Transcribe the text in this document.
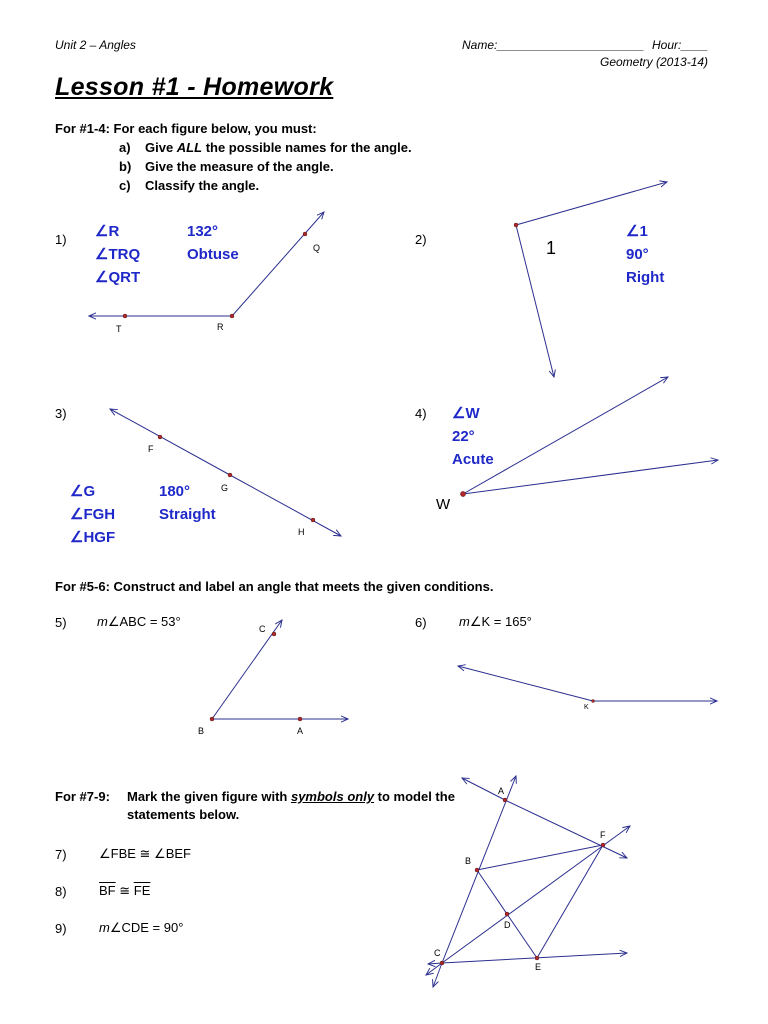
Unit 2 – Angles	Name:______________________ Hour:____
Geometry (2013-14)
Lesson #1 - Homework
For #1-4: For each figure below, you must:
a) Give ALL the possible names for the angle.
b) Give the measure of the angle.
c) Classify the angle.
1)	2)
3)	4)
∠R
∠TRQ
∠QRT
132°
Obtuse
∠1
90°
Right
∠G
∠FGH
∠HGF
180°
Straight
∠W
22°
Acute
Q
T	R
1
F
G
H
W
For #5-6: Construct and label an angle that meets the given conditions.
5) m∠ABC = 53°	6) m∠K = 165°
C
B	A
K
For #7-9: Mark the given figure with symbols only to model the
statements below.
7) ∠FBE ≅ ∠BEF
8) $\overline{BF}$ ≅ $\overline{FE}$
9) m∠CDE = 90°
A
B
C
D
E
F
